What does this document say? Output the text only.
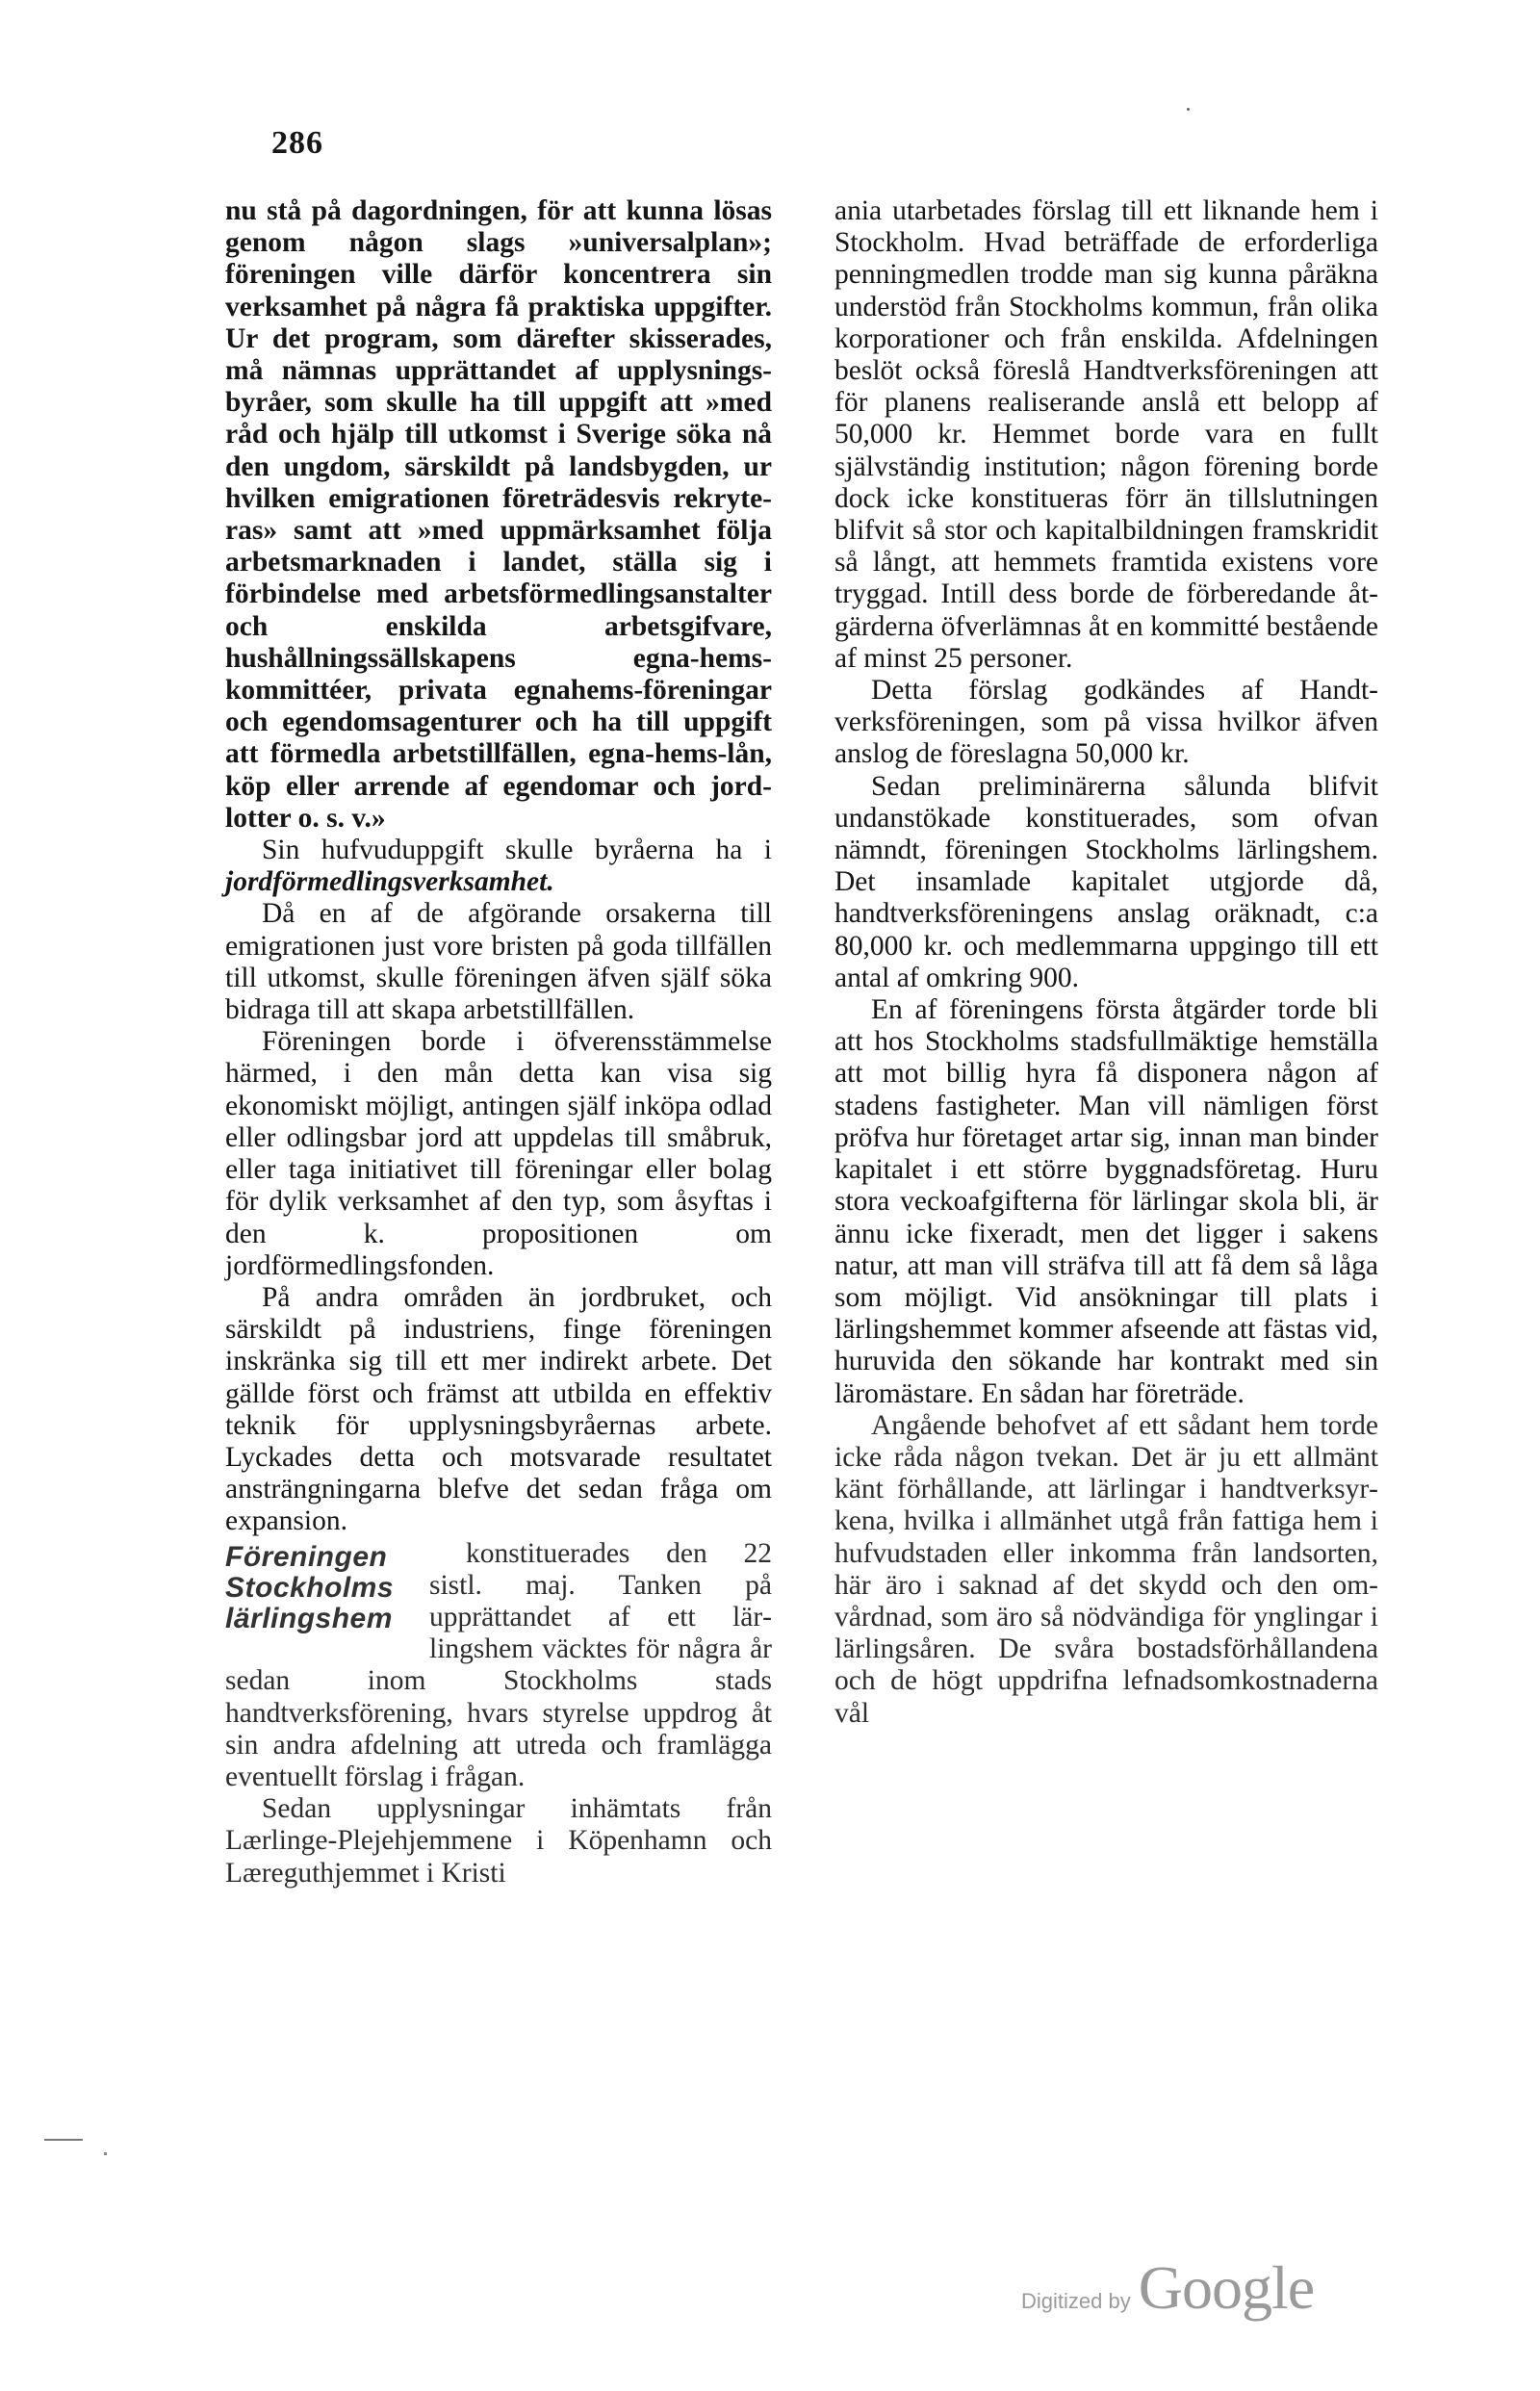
286

nu stå på dagordningen, för att kunna lösas genom någon slags »universalplan»; föreningen ville därför koncentrera sin verksamhet på några få praktiska uppgifter. Ur det program, som därefter skisserades, må nämnas upprättandet af upplysningsbyråer, som skulle ha till uppgift att »med råd och hjälp till utkomst i Sverige söka nå den ungdom, särskildt på landsbygden, ur hvilken emigrationen företrädesvis rekryteras» samt att »med uppmärksamhet följa arbetsmarknaden i landet, ställa sig i förbindelse med arbetsförmedlingsanstalter och enskilda arbetsgifvare, hushållningssällskapens egna-hems-kommittéer, privata egnahems-föreningar och egendomsagenturer och ha till uppgift att förmedla arbetstillfällen, egna-hems-lån, köp eller arrende af egendomar och jordlotter o. s. v.»

Sin hufvuduppgift skulle byråerna ha i jordförmedlingsverksamhet.

Då en af de afgörande orsakerna till emigrationen just vore bristen på goda tillfällen till utkomst, skulle föreningen äfven själf söka bidraga till att skapa arbetstillfällen.

Föreningen borde i öfverensstämmelse härmed, i den mån detta kan visa sig ekonomiskt möjligt, antingen själf inköpa odlad eller odlingsbar jord att uppdelas till småbruk, eller taga initiativet till föreningar eller bolag för dylik verksamhet af den typ, som åsyftas i den k. propositionen om jordförmedlingsfonden.

På andra områden än jordbruket, och särskildt på industriens, finge föreningen inskränka sig till ett mer indirekt arbete. Det gällde först och främst att utbilda en effektiv teknik för upplysningsbyråernas arbete. Lyckades detta och motsvarade resultatet ansträngningarna blefve det sedan fråga om expansion.

Föreningen
Stockholms
lärlingshem

konstituerades den 22 sistl. maj. Tanken på upprättandet af ett lärlingshem väcktes för några år sedan inom Stockholms stads handtverksförening, hvars styrelse uppdrog åt sin andra afdelning att utreda och framlägga eventuellt förslag i frågan.

Sedan upplysningar inhämtats från Lærlinge-Plejehjemmene i Köpenhamn och Læreguthjemmet i Kristi

ania utarbetades förslag till ett liknande hem i Stockholm. Hvad beträffade de erforderliga penningmedlen trodde man sig kunna påräkna understöd från Stockholms kommun, från olika korporationer och från enskilda. Afdelningen beslöt också föreslå Handtverksföreningen att för planens realiserande anslå ett belopp af 50,000 kr. Hemmet borde vara en fullt självständig institution; någon förening borde dock icke konstitueras förr än tillslutningen blifvit så stor och kapitalbildningen framskridit så långt, att hemmets framtida existens vore tryggad. Intill dess borde de förberedande åtgärderna öfverlämnas åt en kommitté bestående af minst 25 personer.

Detta förslag godkändes af Handtverksföreningen, som på vissa hvilkor äfven anslog de föreslagna 50,000 kr.

Sedan preliminärerna sålunda blifvit undanstökade konstituerades, som ofvan nämndt, föreningen Stockholms lärlingshem. Det insamlade kapitalet utgjorde då, handtverksföreningens anslag oräknadt, c:a 80,000 kr. och medlemmarna uppgingo till ett antal af omkring 900.

En af föreningens första åtgärder torde bli att hos Stockholms stadsfullmäktige hemställa att mot billig hyra få disponera någon af stadens fastigheter. Man vill nämligen först pröfva hur företaget artar sig, innan man binder kapitalet i ett större byggnadsföretag. Huru stora veckoafgifterna för lärlingar skola bli, är ännu icke fixeradt, men det ligger i sakens natur, att man vill sträfva till att få dem så låga som möjligt. Vid ansökningar till plats i lärlingshemmet kommer afseende att fästas vid, huruvida den sökande har kontrakt med sin läromästare. En sådan har företräde.

Angående behofvet af ett sådant hem torde icke råda någon tvekan. Det är ju ett allmänt känt förhållande, att lärlingar i handtverksyrkena, hvilka i allmänhet utgå från fattiga hem i hufvudstaden eller inkomma från landsorten, här äro i saknad af det skydd och den omvårdnad, som äro så nödvändiga för ynglingar i lärlingsåren. De svåra bostadsförhållandena och de högt uppdrifna lefnadsomkostnaderna vål

Digitized by Google
